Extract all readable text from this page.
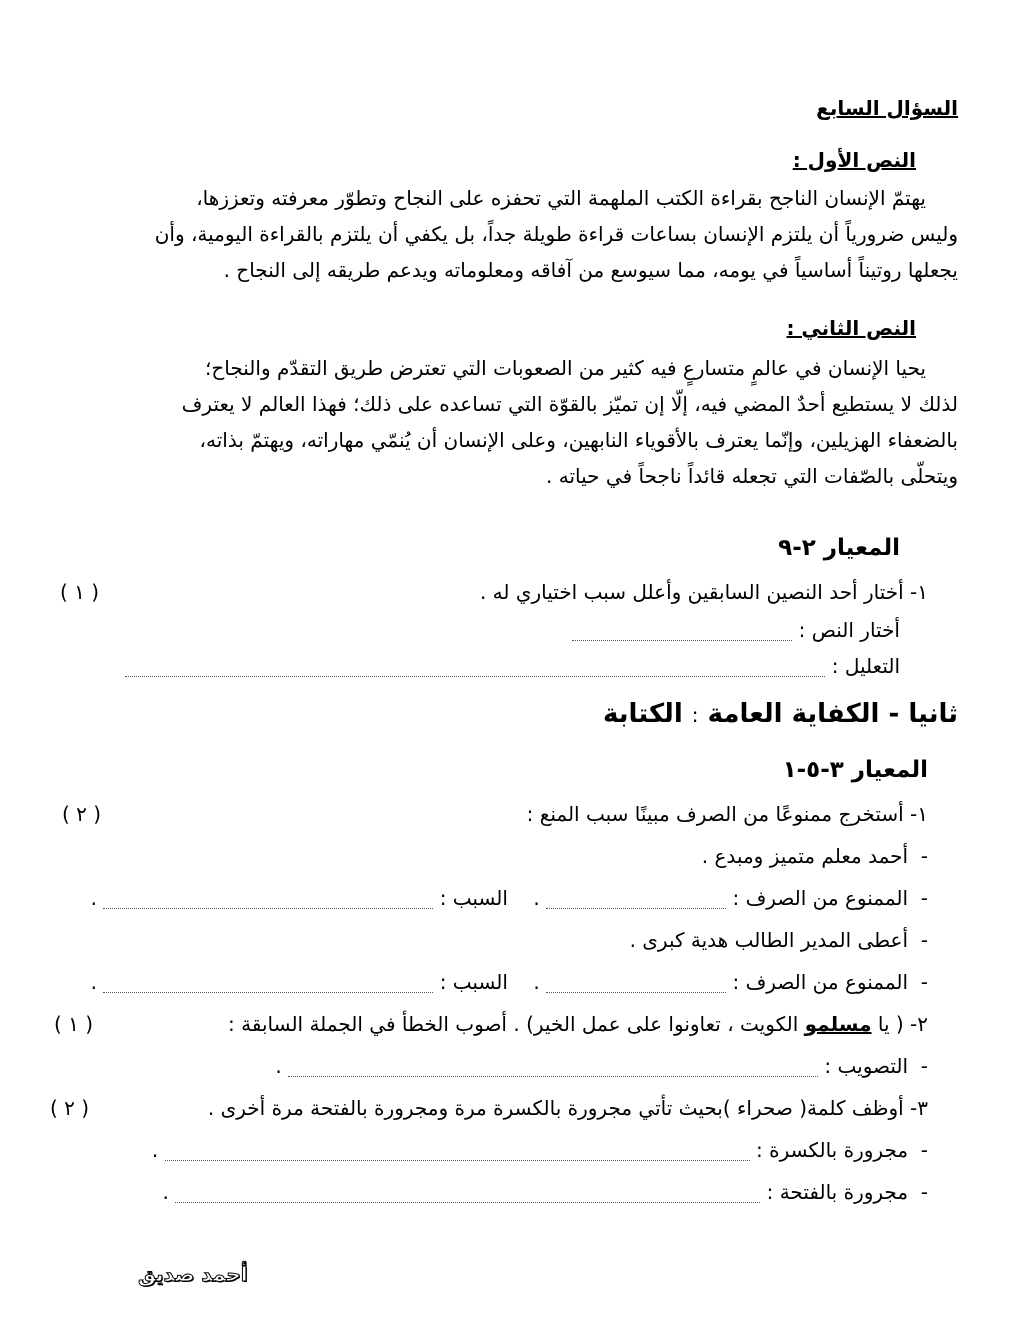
السؤال السابع
النص الأول :
يهتمّ الإنسان الناجح بقراءة الكتب الملهمة التي تحفزه على النجاح وتطوّر معرفته وتعززها،
وليس ضرورياً أن يلتزم الإنسان بساعات قراءة طويلة جداً، بل يكفي أن يلتزم بالقراءة اليومية، وأن
يجعلها روتيناً أساسياً في يومه، مما سيوسع من آفاقه ومعلوماته ويدعم طريقه إلى النجاح .
النص الثاني :
يحيا الإنسان في عالمٍ متسارعٍ فيه كثير من الصعوبات التي تعترض طريق التقدّم والنجاح؛
لذلك لا يستطيع أحدٌ المضي فيه، إلّا إن تميّز بالقوّة التي تساعده على ذلك؛ فهذا العالم لا يعترف
بالضعفاء الهزيلين، وإنّما يعترف بالأقوياء النابهين، وعلى الإنسان أن يُنمّي مهاراته، ويهتمّ بذاته،
ويتحلّى بالصّفات التي تجعله قائداً ناجحاً في حياته .
المعيار ٢-٩
١- أختار أحد النصين السابقين وأعلل سبب اختياري له .
( ١ )
أختار النص :
التعليل :
ثانيا - الكفاية العامة : الكتابة
المعيار ٣-٥-١
١- أستخرج ممنوعًا من الصرف مبينًا سبب المنع :
( ٢ )
-  أحمد معلم متميز ومبدع .
-  الممنوع من الصرف :  .    السبب :  .
-  أعطى المدير الطالب هدية كبرى .
-  الممنوع من الصرف :  .    السبب :  .
٢- ( يا مسلمو الكويت ، تعاونوا على عمل الخير) . أصوب الخطأ في الجملة السابقة :
( ١ )
-  التصويب :  .
٣- أوظف كلمة( صحراء )بحيث تأتي مجرورة بالكسرة مرة ومجرورة بالفتحة مرة أخرى .
( ٢ )
-  مجرورة بالكسرة :  .
-  مجرورة بالفتحة :  .
أحمد صديق
